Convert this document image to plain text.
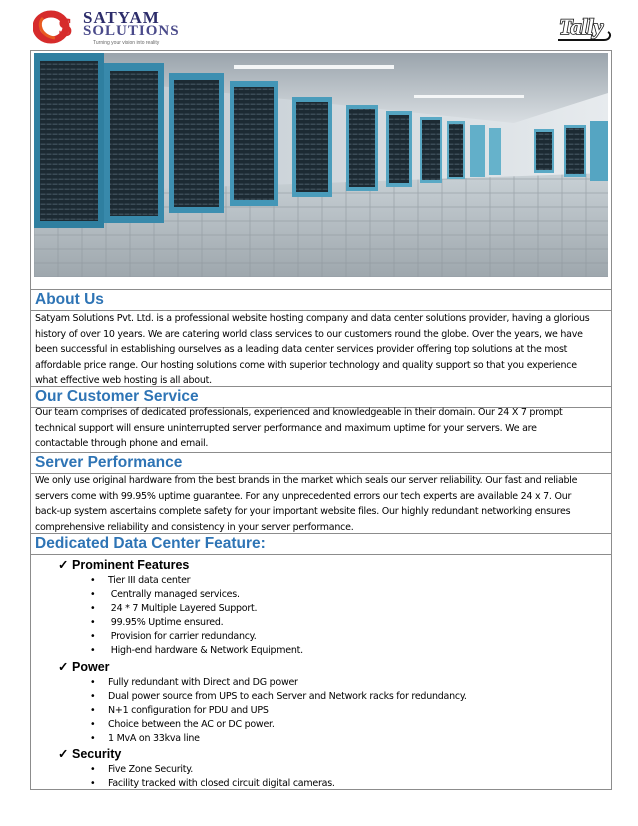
S SATYAM
SOLUTIONS
Turning your vision into reality
Tally
About Us
Satyam Solutions Pvt. Ltd. is a professional website hosting company and data center solutions provider, having a glorious
history of over 10 years. We are catering world class services to our customers round the globe. Over the years, we have
been successful in establishing ourselves as a leading data center services provider offering top solutions at the most
affordable price range. Our hosting solutions come with superior technology and quality support so that you experience
what effective web hosting is all about.
Our Customer Service
Our team comprises of dedicated professionals, experienced and knowledgeable in their domain. Our 24 X 7 prompt
technical support will ensure uninterrupted server performance and maximum uptime for your servers. We are
contactable through phone and email.
Server Performance
We only use original hardware from the best brands in the market which seals our server reliability. Our fast and reliable
servers come with 99.95% uptime guarantee. For any unprecedented errors our tech experts are available 24 x 7. Our
back-up system ascertains complete safety for your important website files. Our highly redundant networking ensures
comprehensive reliability and consistency in your server performance.
Dedicated Data Center Feature:
✓ Prominent Features
• Tier III data center
• Centrally managed services.
• 24 * 7 Multiple Layered Support.
• 99.95% Uptime ensured.
• Provision for carrier redundancy.
• High-end hardware & Network Equipment.
✓ Power
• Fully redundant with Direct and DG power
• Dual power source from UPS to each Server and Network racks for redundancy.
• N+1 configuration for PDU and UPS
• Choice between the AC or DC power.
• 1 MvA on 33kva line
✓ Security
• Five Zone Security.
• Facility tracked with closed circuit digital cameras.
